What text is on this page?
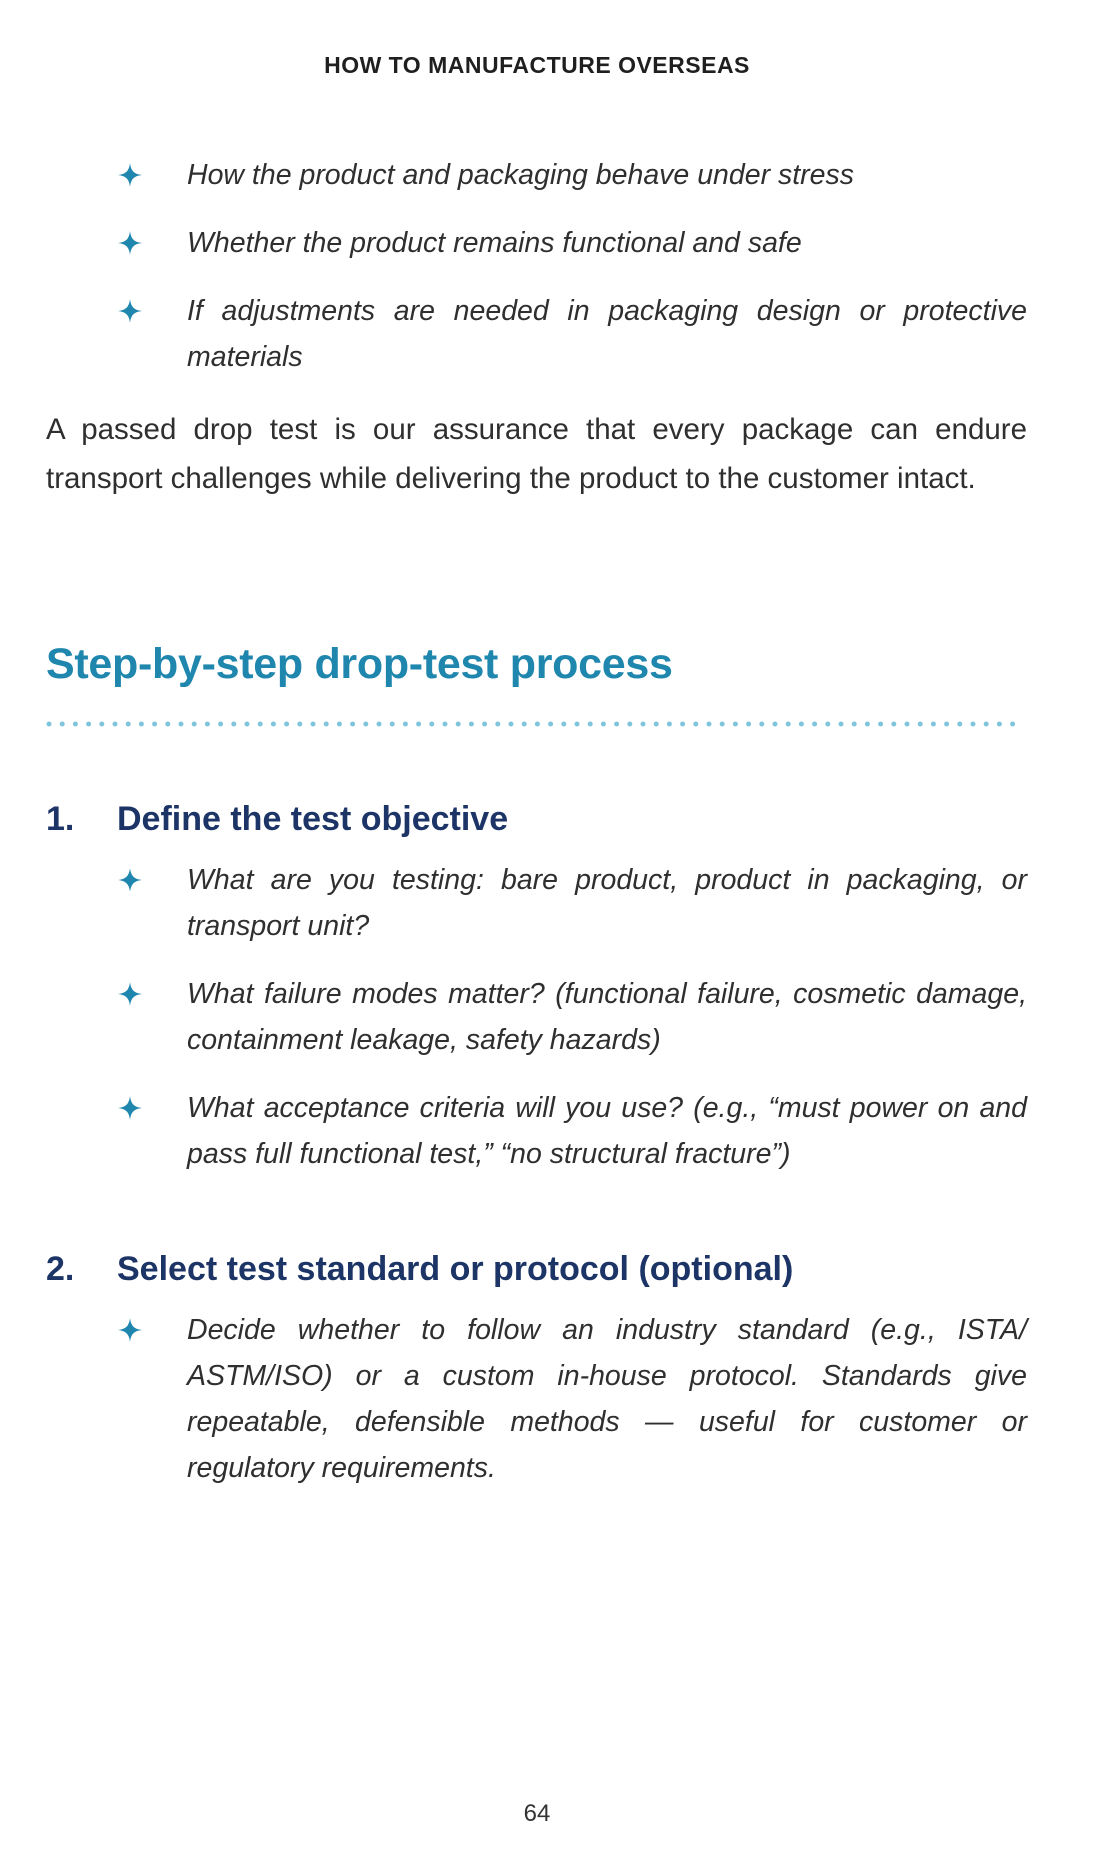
HOW TO MANUFACTURE OVERSEAS
How the product and packaging behave under stress
Whether the product remains functional and safe
If adjustments are needed in packaging design or protective materials

A passed drop test is our assurance that every package can endure transport challenges while delivering the product to the customer intact.

Step-by-step drop-test process
1. Define the test objective
What are you testing: bare product, product in packaging, or transport unit?
What failure modes matter? (functional failure, cosmetic damage, containment leakage, safety hazards)
What acceptance criteria will you use? (e.g., “must power on and pass full functional test,” “no structural fracture”)
2. Select test standard or protocol (optional)
Decide whether to follow an industry standard (e.g., ISTA/ ASTM/ISO) or a custom in-house protocol. Standards give repeatable, defensible methods — useful for customer or regulatory requirements.
64
